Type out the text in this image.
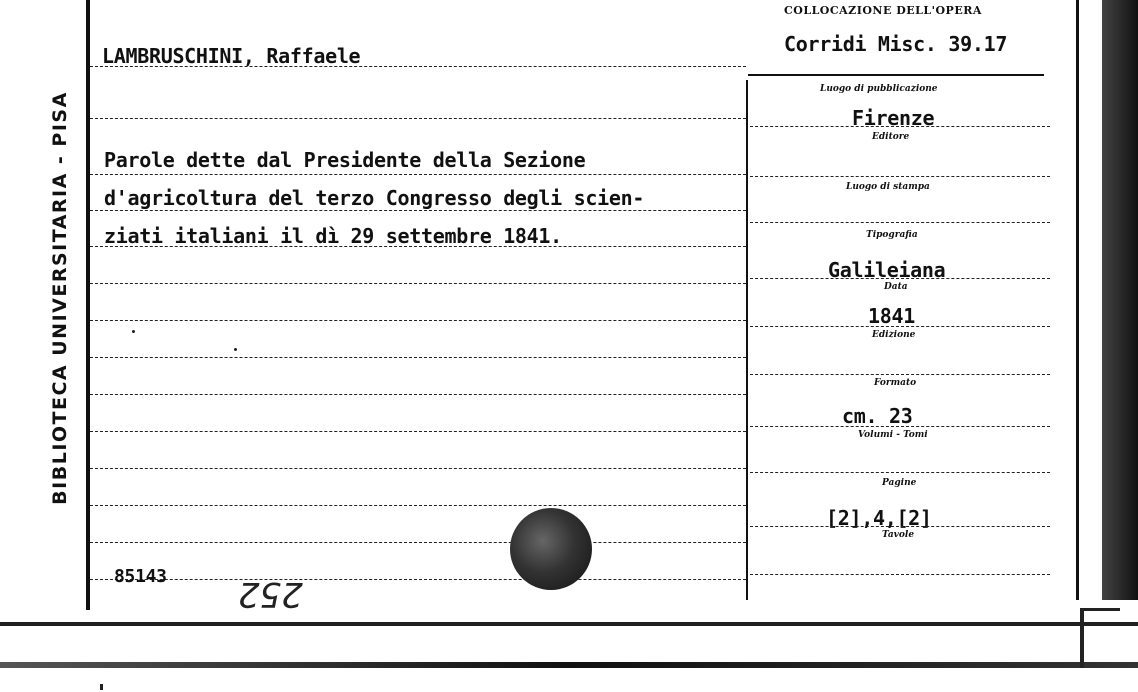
BIBLIOTECA UNIVERSITARIA - PISA
COLLOCAZIONE DELL'OPERA
Corridi Misc. 39.17
LAMBRUSCHINI, Raffaele
Parole dette dal Presidente della Sezione
d'agricoltura del terzo Congresso degli scien-
ziati italiani il dì 29 settembre 1841.
85143 252
Luogo di pubblicazione
Firenze
Editore
Luogo di stampa
Tipografia
Galileiana
Data
1841
Edizione
Formato
cm. 23
Volumi - Tomi
Pagine
[2],4,[2]
Tavole
